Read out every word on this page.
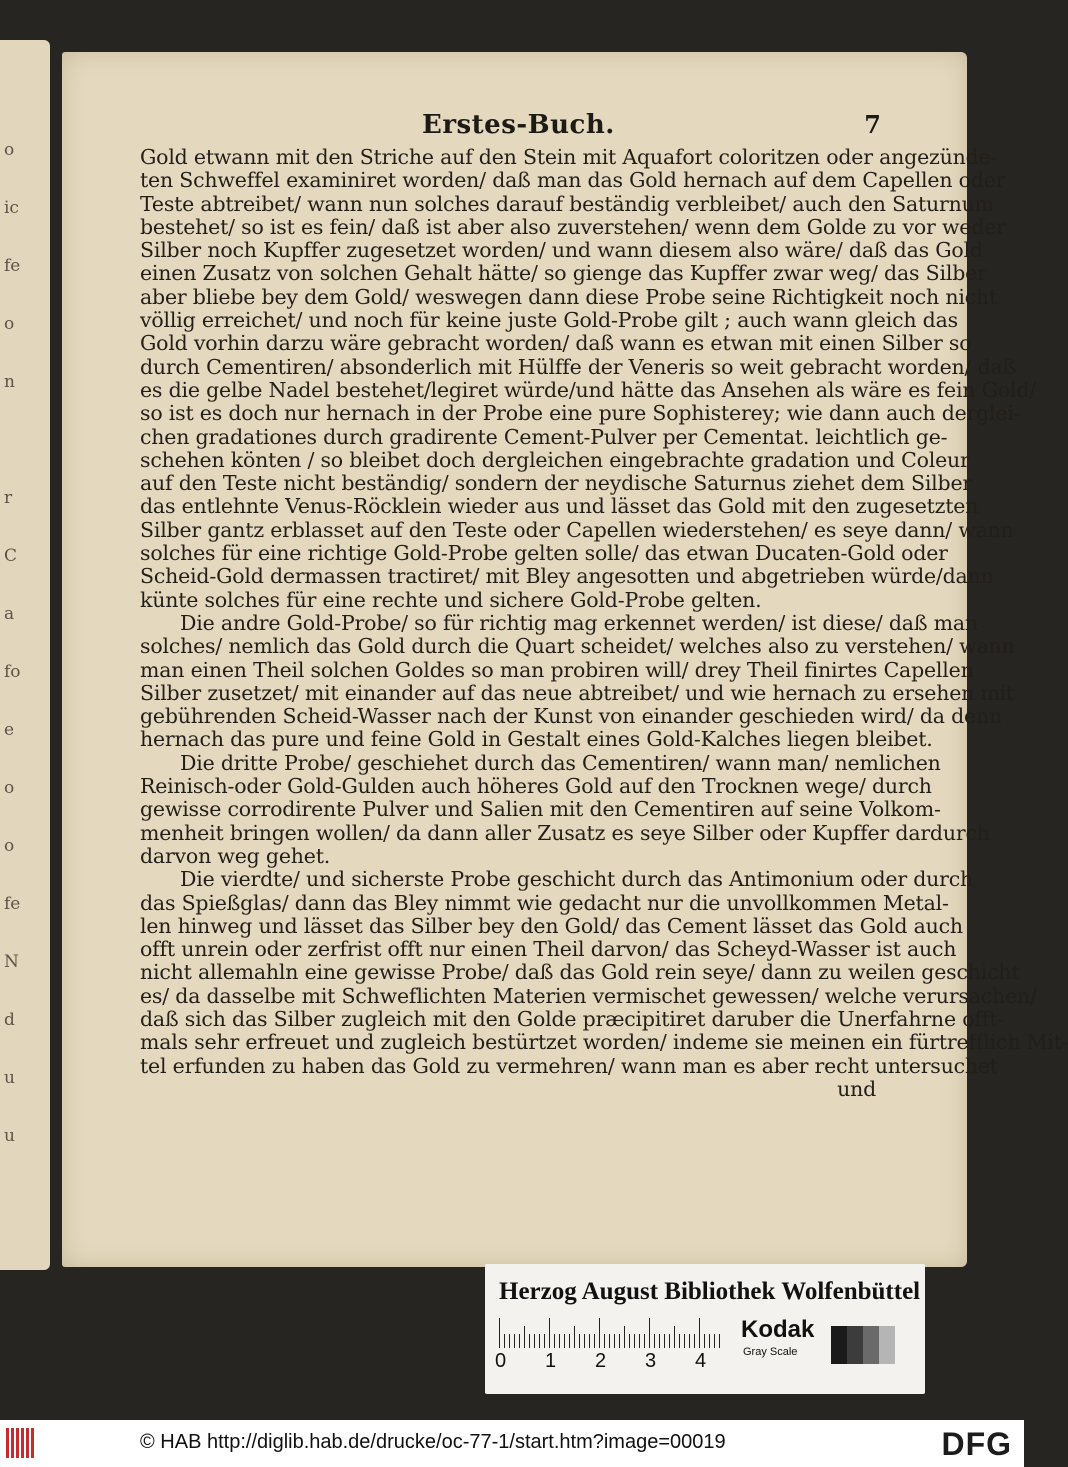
o
ic
fe
o
n
r
C
a
fo
e
o
o
fe
N
d
u
u
Erstes-Buch.	7
Gold etwann mit den Striche auf den Stein mit Aquafort coloritzen oder angezünde-
ten Schweffel examiniret worden/ daß man das Gold hernach auf dem Capellen oder
Teste abtreibet/ wann nun solches darauf beständig verbleibet/ auch den Saturnum
bestehet/ so ist es fein/ daß ist aber also zuverstehen/ wenn dem Golde zu vor weder
Silber noch Kupffer zugesetzet worden/ und wann diesem also wäre/ daß das Gold
einen Zusatz von solchen Gehalt hätte/ so gienge das Kupffer zwar weg/ das Silber
aber bliebe bey dem Gold/ weswegen dann diese Probe seine Richtigkeit noch nicht
völlig erreichet/ und noch für keine juste Gold-Probe gilt ; auch wann gleich das
Gold vorhin darzu wäre gebracht worden/ daß wann es etwan mit einen Silber so
durch Cementiren/ absonderlich mit Hülffe der Veneris so weit gebracht worden/ daß
es die gelbe Nadel bestehet/legiret würde/und hätte das Ansehen als wäre es fein Gold/
so ist es doch nur hernach in der Probe eine pure Sophisterey; wie dann auch derglei-
chen gradationes durch gradirente Cement-Pulver per Cementat. leichtlich ge-
schehen könten / so bleibet doch dergleichen eingebrachte gradation und Coleur
auf den Teste nicht beständig/ sondern der neydische Saturnus ziehet dem Silber
das entlehnte Venus-Röcklein wieder aus und lässet das Gold mit den zugesetzten
Silber gantz erblasset auf den Teste oder Capellen wiederstehen/ es seye dann/ wann
solches für eine richtige Gold-Probe gelten solle/ das etwan Ducaten-Gold oder
Scheid-Gold dermassen tractiret/ mit Bley angesotten und abgetrieben würde/dann
künte solches für eine rechte und sichere Gold-Probe gelten.
Die andre Gold-Probe/ so für richtig mag erkennet werden/ ist diese/ daß man
solches/ nemlich das Gold durch die Quart scheidet/ welches also zu verstehen/ wann
man einen Theil solchen Goldes so man probiren will/ drey Theil finirtes Capellen
Silber zusetzet/ mit einander auf das neue abtreibet/ und wie hernach zu ersehen mit
gebührenden Scheid-Wasser nach der Kunst von einander geschieden wird/ da denn
hernach das pure und feine Gold in Gestalt eines Gold-Kalches liegen bleibet.
Die dritte Probe/ geschiehet durch das Cementiren/ wann man/ nemlichen
Reinisch-oder Gold-Gulden auch höheres Gold auf den Trocknen wege/ durch
gewisse corrodirente Pulver und Salien mit den Cementiren auf seine Volkom-
menheit bringen wollen/ da dann aller Zusatz es seye Silber oder Kupffer dardurch
darvon weg gehet.
Die vierdte/ und sicherste Probe geschicht durch das Antimonium oder durch
das Spießglas/ dann das Bley nimmt wie gedacht nur die unvollkommen Metal-
len hinweg und lässet das Silber bey den Gold/ das Cement lässet das Gold auch
offt unrein oder zerfrist offt nur einen Theil darvon/ das Scheyd-Wasser ist auch
nicht allemahln eine gewisse Probe/ daß das Gold rein seye/ dann zu weilen geschicht
es/ da dasselbe mit Schweflichten Materien vermischet gewessen/ welche verursachen/
daß sich das Silber zugleich mit den Golde præcipitiret daruber die Unerfahrne offt-
mals sehr erfreuet und zugleich bestürtzet worden/ indeme sie meinen ein fürtrefflich Mit-
tel erfunden zu haben das Gold zu vermehren/ wann man es aber recht untersuchet
und
Herzog August Bibliothek Wolfenbüttel
0 1 2 3 4
Kodak
Gray Scale
© HAB http://diglib.hab.de/drucke/oc-77-1/start.htm?image=00019	DFG
